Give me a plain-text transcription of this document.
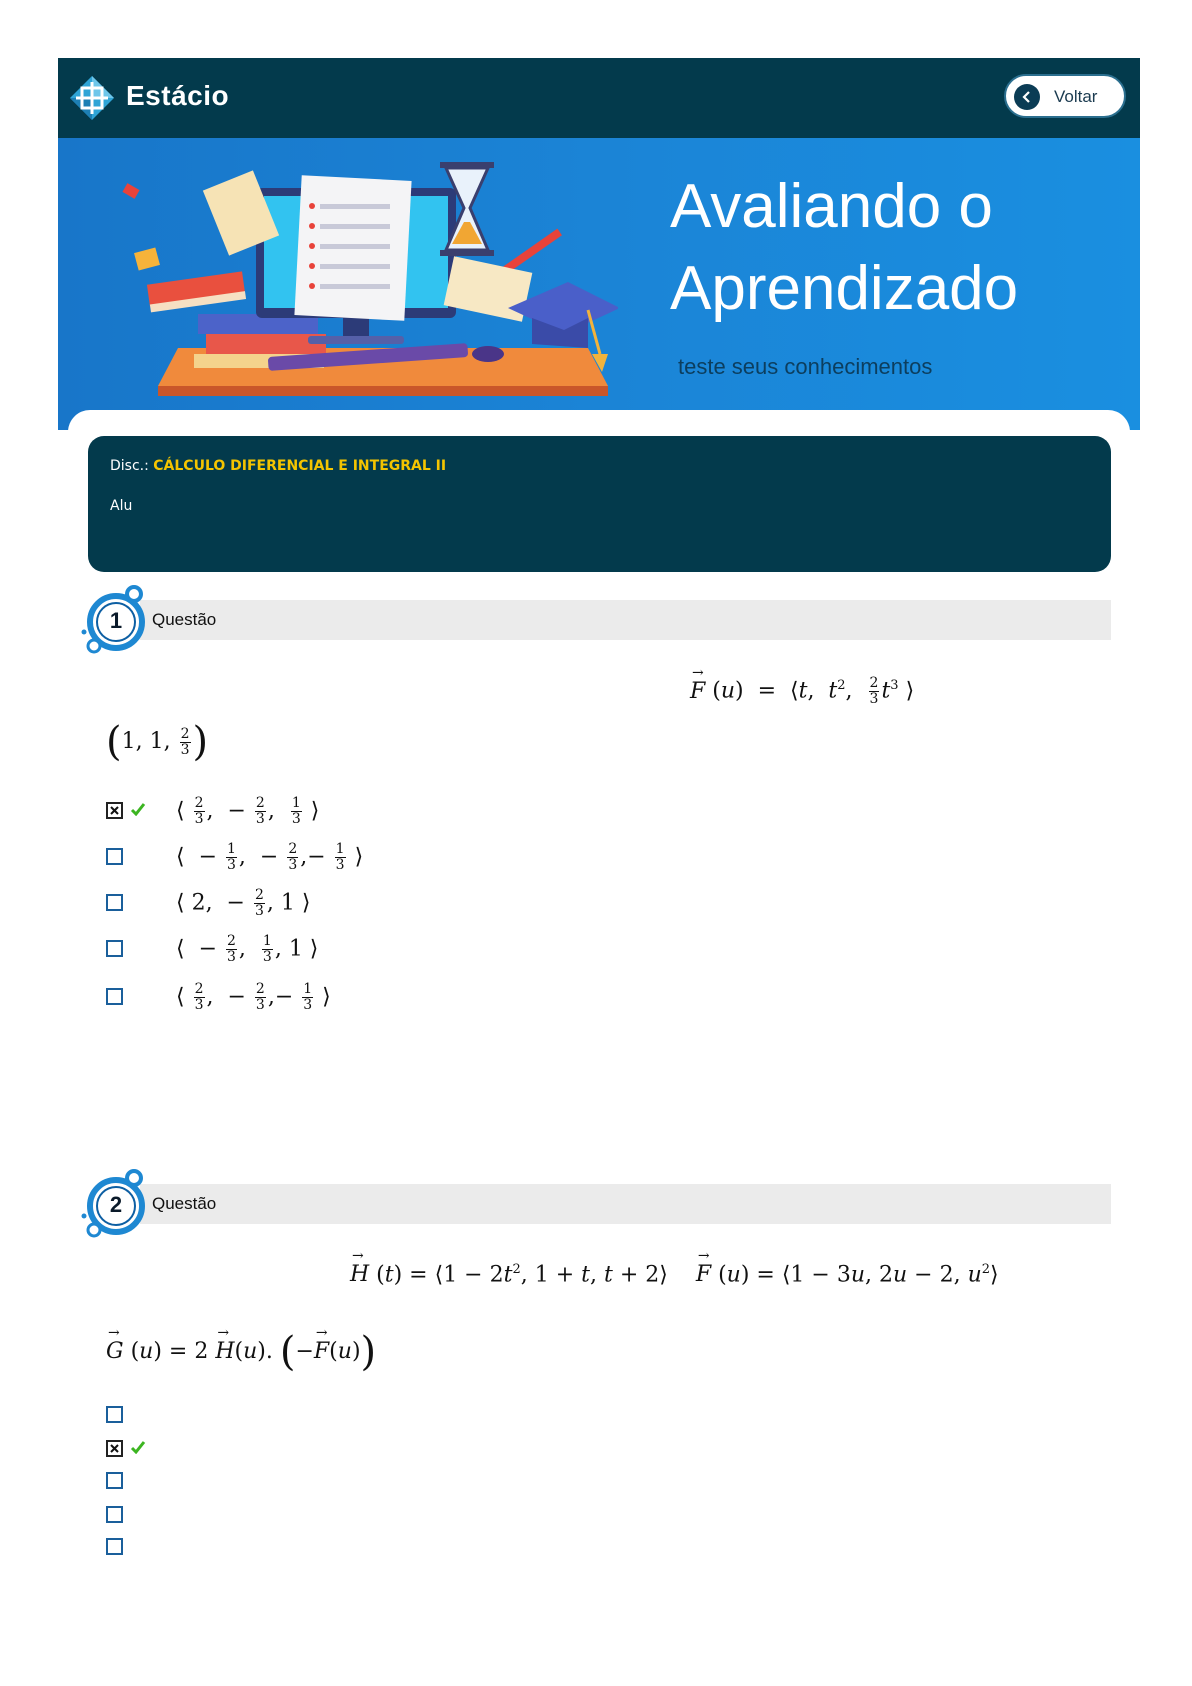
Estácio	Voltar
Avaliando o
Aprendizado
teste seus conhecimentos
Disc.: CÁLCULO DIFERENCIAL E INTEGRAL II
Alu
1	Questão
→ F (u)  =  ⟨t,  $t^2$, $\frac{2}{3} t^3$ ⟩
(1, 1, $\frac{2}{3}$ )
⟨ $\frac{2}{3}$ ,  − $\frac{2}{3}$ , $\frac{1}{3}$ ⟩
⟨  − $\frac{1}{3}$ ,  − $\frac{2}{3}$ ,− $\frac{1}{3}$ ⟩
⟨ 2,  − $\frac{2}{3}$ , 1 ⟩
⟨  − $\frac{2}{3}$ , $\frac{1}{3}$ , 1 ⟩
⟨ $\frac{2}{3}$ ,  − $\frac{2}{3}$ ,− $\frac{1}{3}$ ⟩
2	Questão
→ H (t) = ⟨1 − $2t^2$, 1 + t, t + 2⟩    → F (u) = ⟨1 − 3u, 2u − 2, $u^2⟩$
→ G (u) = 2 → H(u). (−→ F(u))
